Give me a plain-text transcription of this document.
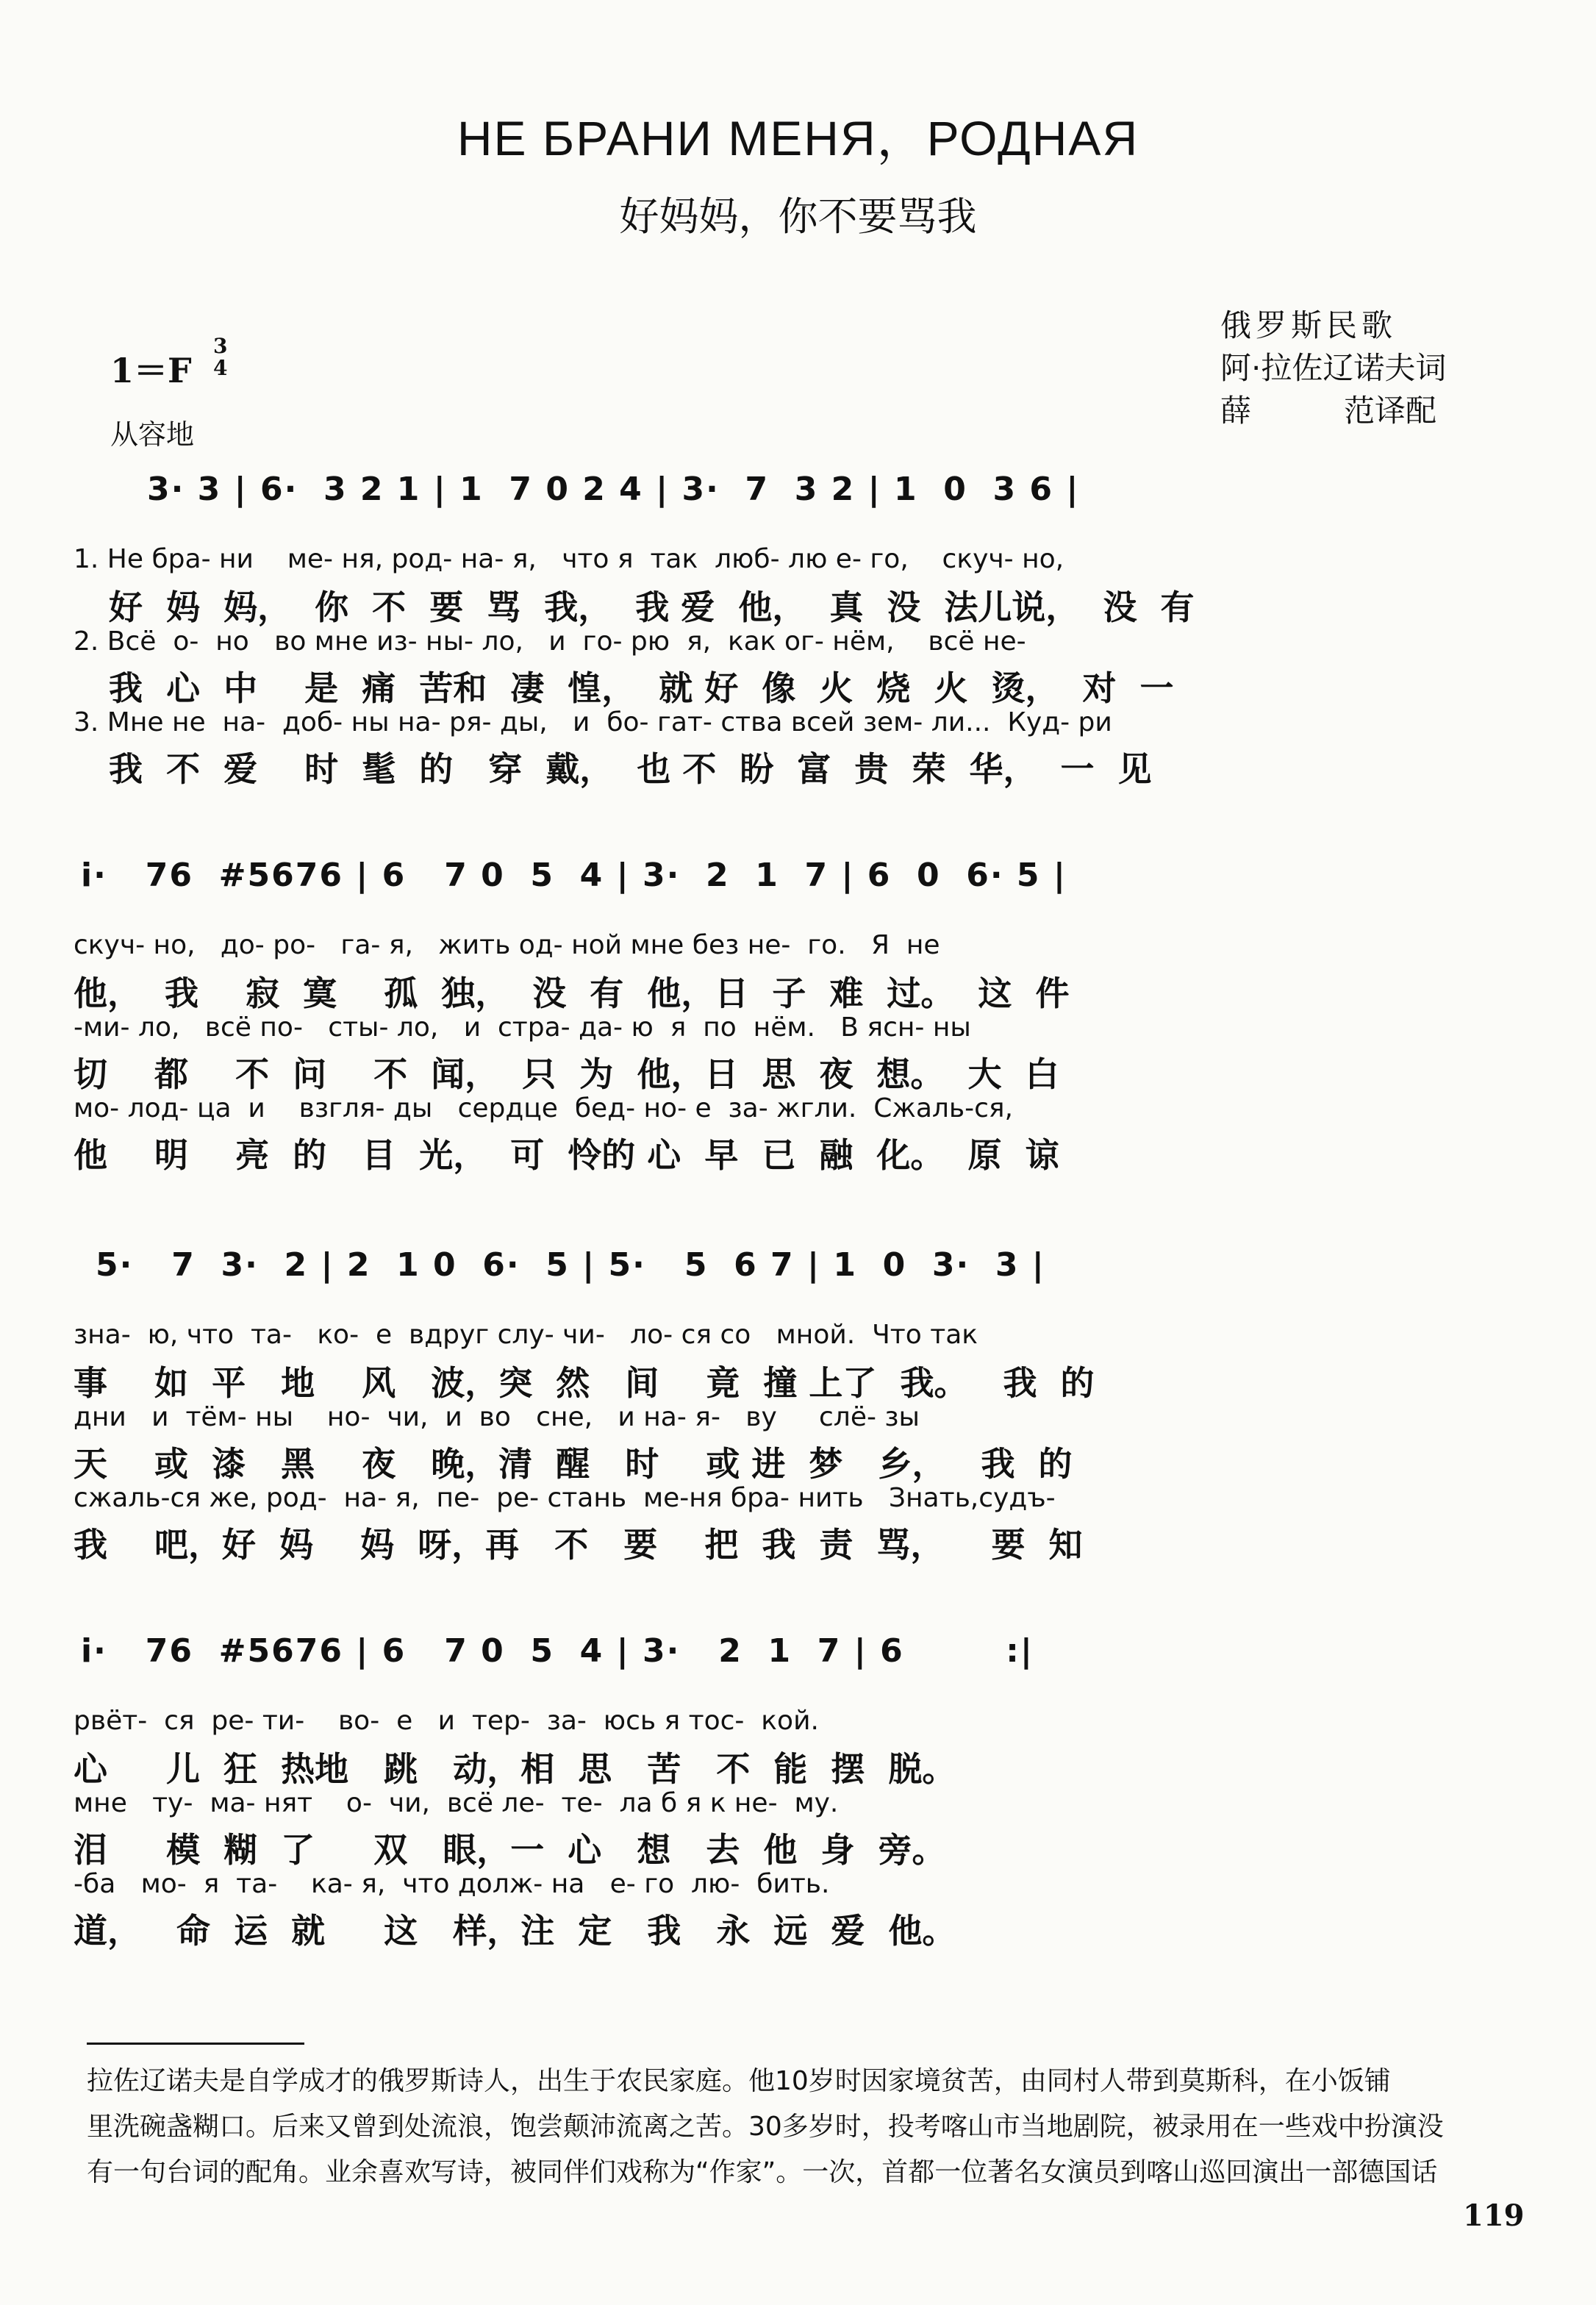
НЕ БРАНИ МЕНЯ，РОДНАЯ
好妈妈，你不要骂我
俄罗斯民歌
阿·拉佐辽诺夫词
薛　　　范译配
1＝F
3
4
从容地
3· 3 | 6·  3 2 1 | 1  7 0 2 4 | 3·  7  3 2 | 1  0  3 6 |
1. Не бра- ни    ме- ня, род- на- я,   что я  так  люб- лю е- го,    скуч- но,
好  妈  妈，  你  不  要  骂  我，  我 爱  他，  真  没  法儿说，  没  有
2. Всё  о-  но   во мне из- ны- ло,   и  го- рю  я,  как ог- нём,    всё не-
我  心  中    是  痛  苦和  凄  惶，  就 好  像  火  烧  火  烫，  对  一
3. Мне не  на-  доб- ны на- ря- ды,   и  бо- гат- ства всей зем- ли...  Куд- ри
我  不  爱    时  髦  的   穿  戴，  也 不  盼  富  贵  荣  华，  一  见
i·   76  #5676 | 6   7 0  5  4 | 3·  2  1  7 | 6  0  6· 5 |
скуч- но,   до- ро-   га- я,   жить од- ной мне без не-  го.   Я  не
他，  我    寂  寞    孤  独，  没  有  他，日  子  难  过。  这  件
-ми- ло,   всё по-   сты- ло,   и  стра- да- ю  я  по  нём.   В ясн- ны
切    都    不  问    不  闻，  只  为  他，日  思  夜  想。  大  白
мо- лод- ца  и    взгля- ды   сердце  бед- но- е  за- жгли.  Сжаль-ся,
他    明    亮  的   目  光，  可  怜的 心  早  已  融  化。  原  谅
5·   7  3·  2 | 2  1 0  6·  5 | 5·   5  6 7 | 1  0  3·  3 |
зна-  ю, что  та-   ко-  е  вдруг слу- чи-   ло- ся со   мной.  Что так
事    如  平   地    风   波，突  然   间    竟  撞 上了  我。   我  的
дни   и  тём- ны    но-  чи,  и  во   сне,   и на- я-   ву     слё- зы
天    或  漆   黑    夜   晚，清  醒   时    或 进  梦   乡，   我  的
сжаль-ся же, род-  на- я,  пе-  ре- стань  ме-ня бра- нить   Знать,судъ-
我    吧，好  妈    妈  呀，再   不   要    把  我  责  骂，    要  知
i·   76  #5676 | 6   7 0  5  4 | 3·   2  1  7 | 6        :|
рвёт-  ся  ре- ти-    во-  е   и  тер-  за-  юсь я тос-  кой.
心     儿  狂  热地   跳   动，相  思   苦   不  能  摆  脱。
мне   ту-  ма- нят    о-  чи,  всё ле-  те-  ла б я к не-  му.
泪     模  糊  了     双   眼，一  心   想   去  他  身  旁。
-ба   мо-  я  та-    ка- я,  что долж- на   е- го  лю-  бить.
道，   命  运  就     这   样，注  定   我   永  远  爱  他。

拉佐辽诺夫是自学成才的俄罗斯诗人，出生于农民家庭。他10岁时因家境贫苦，由同村人带到莫斯科，在小饭铺

里洗碗盏糊口。后来又曾到处流浪，饱尝颠沛流离之苦。30多岁时，投考喀山市当地剧院，被录用在一些戏中扮演没

有一句台词的配角。业余喜欢写诗，被同伴们戏称为“作家”。一次，首都一位著名女演员到喀山巡回演出一部德国话

119
